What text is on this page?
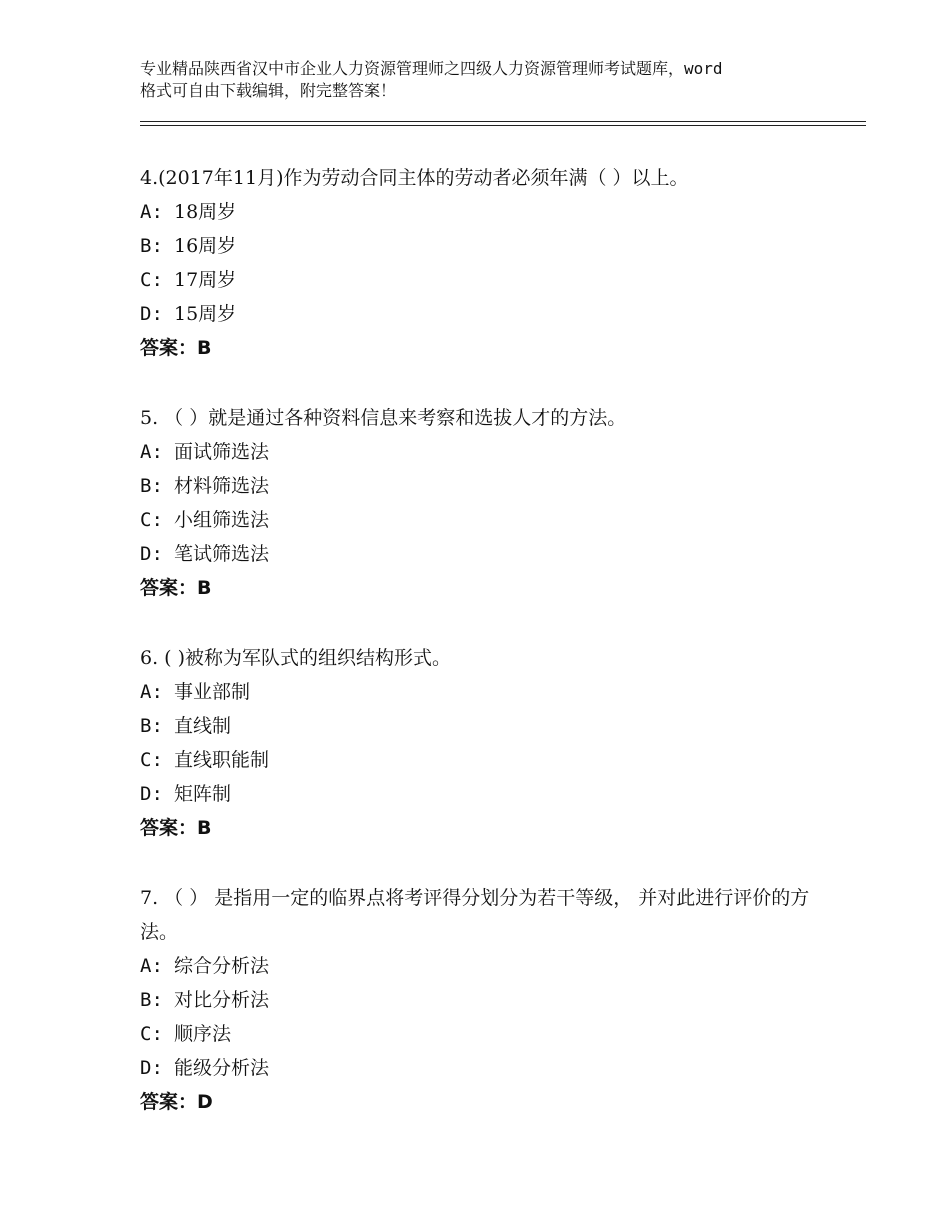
专业精品陕西省汉中市企业人力资源管理师之四级人力资源管理师考试题库，word
格式可自由下载编辑，附完整答案！
4.(2017年11月)作为劳动合同主体的劳动者必须年满（ ）以上。
A: 18周岁
B: 16周岁
C: 17周岁
D: 15周岁
答案：B
5. （ ）就是通过各种资料信息来考察和选拔人才的方法。
A: 面试筛选法
B: 材料筛选法
C: 小组筛选法
D: 笔试筛选法
答案：B
6. ( )被称为军队式的组织结构形式。
A: 事业部制
B: 直线制
C: 直线职能制
D: 矩阵制
答案：B
7. （ ） 是指用一定的临界点将考评得分划分为若干等级， 并对此进行评价的方法。
A: 综合分析法
B: 对比分析法
C: 顺序法
D: 能级分析法
答案：D
